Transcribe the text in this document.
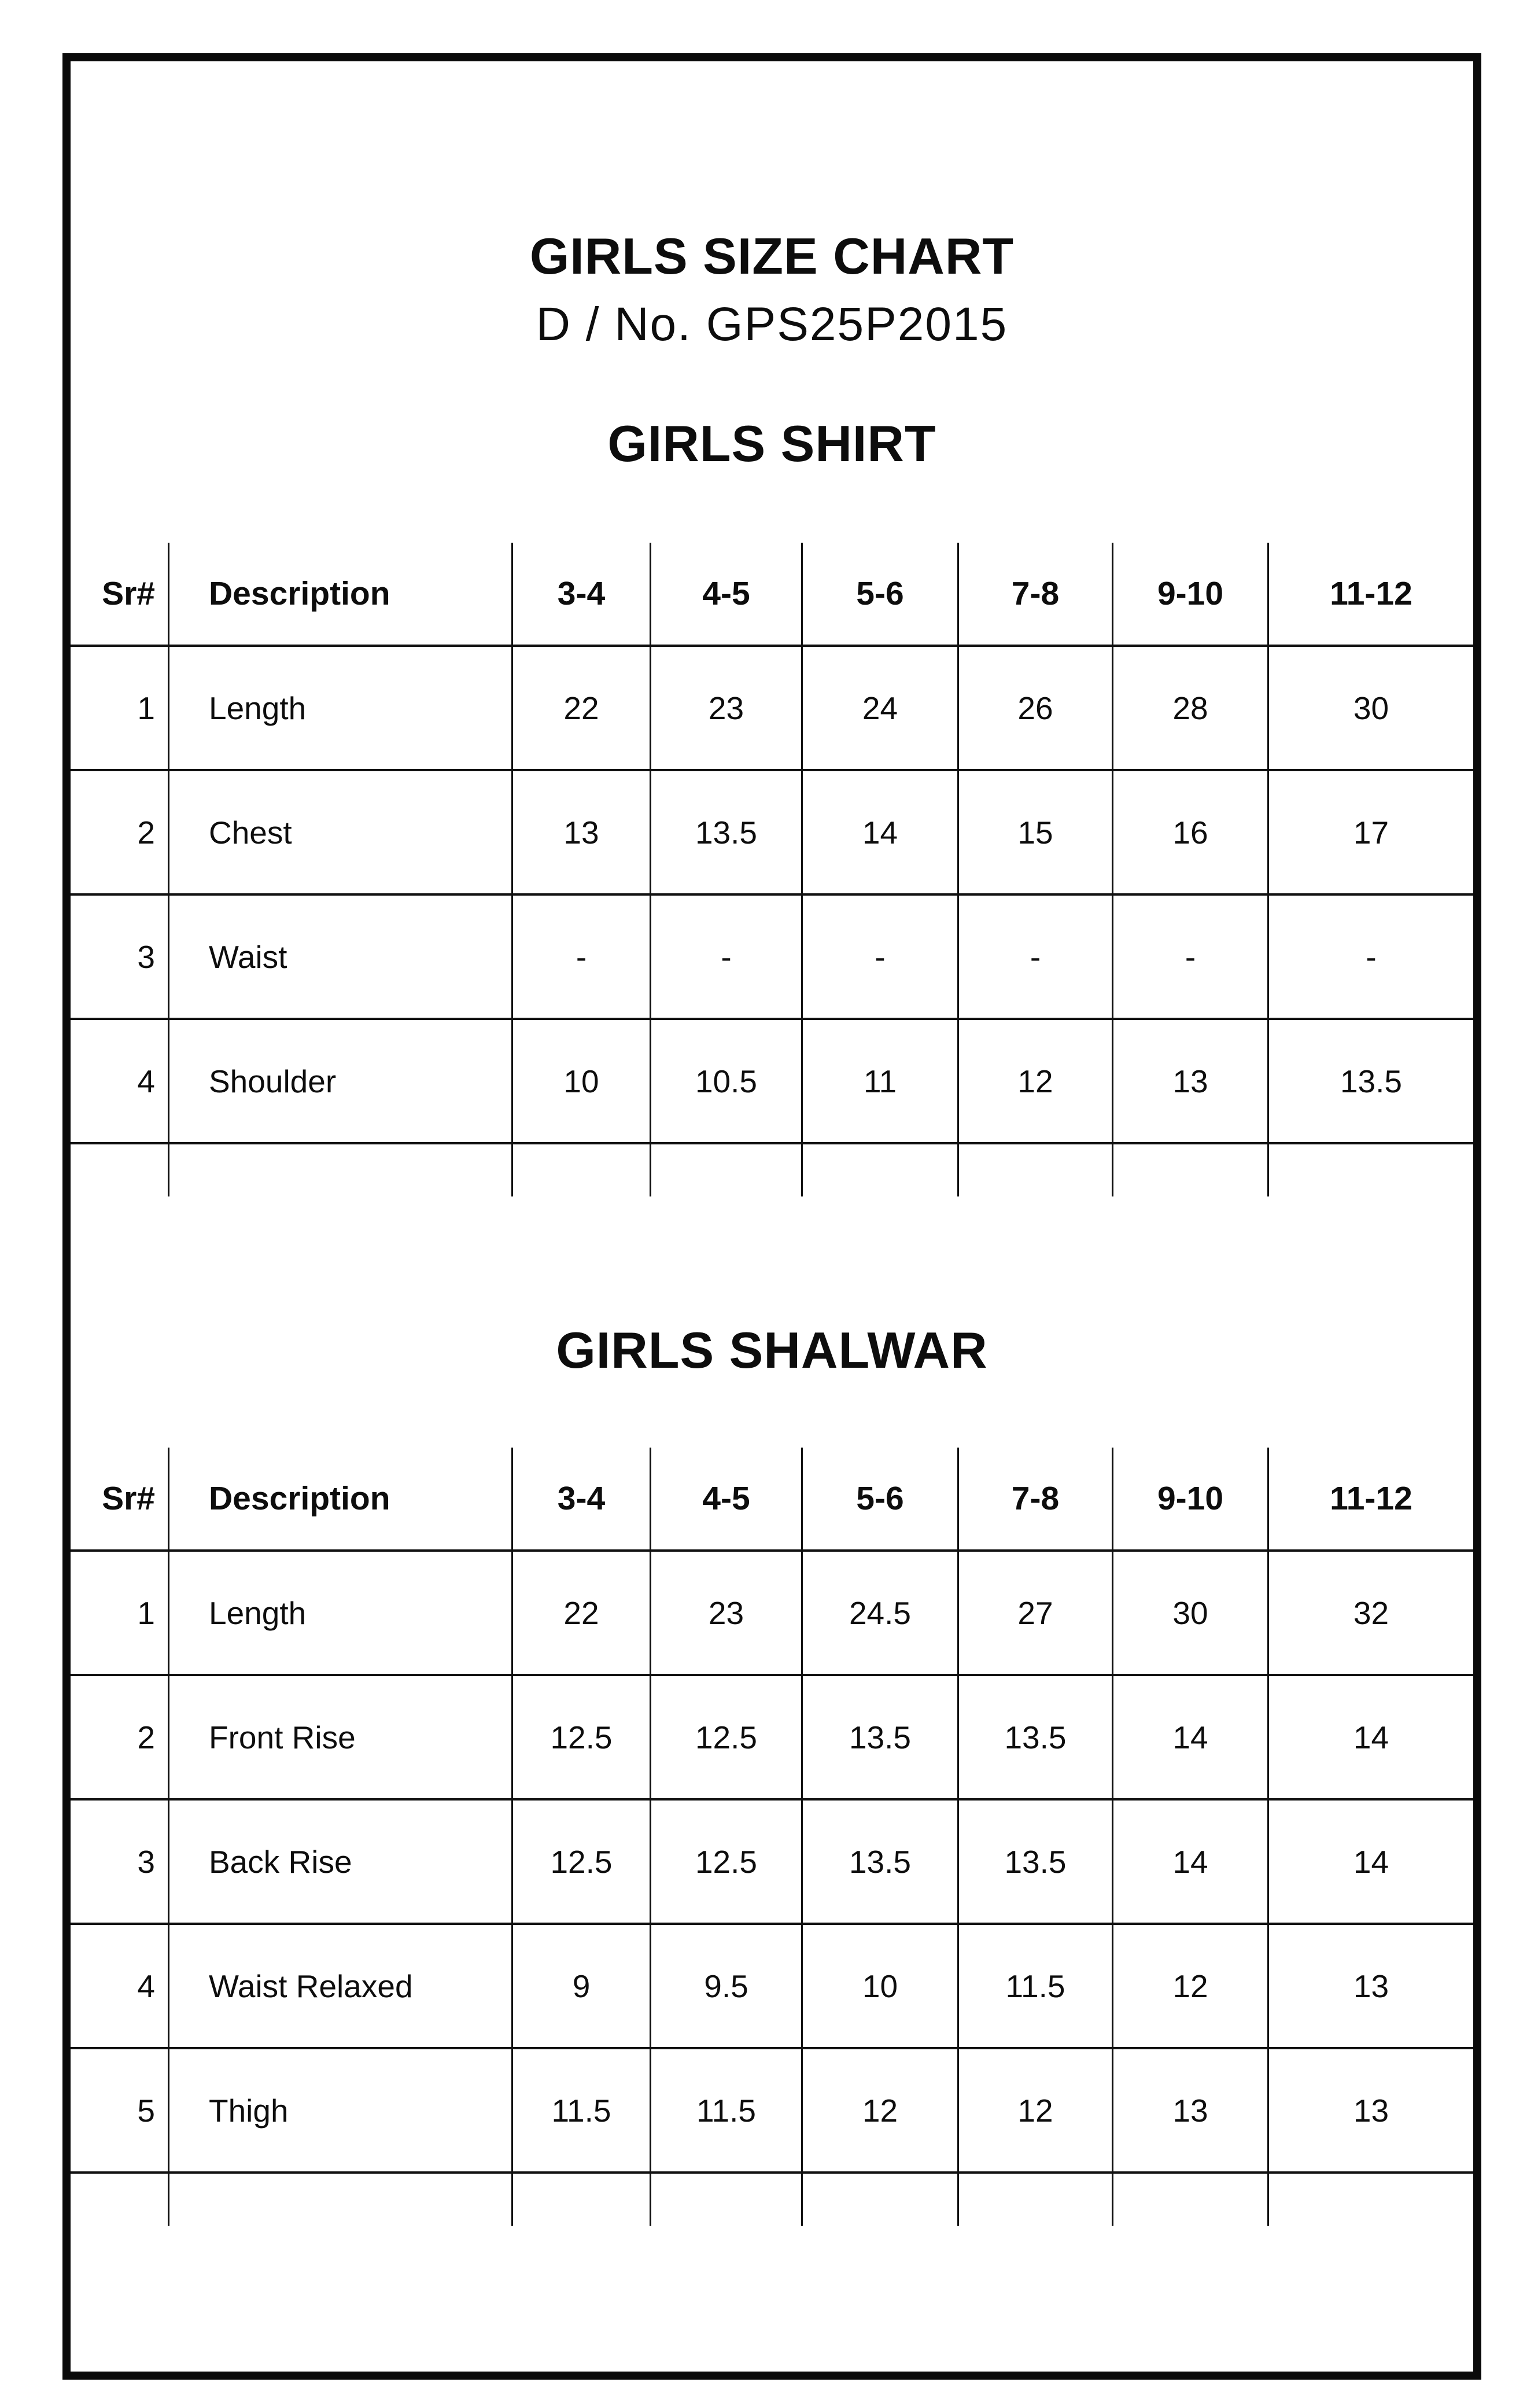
GIRLS SIZE CHART
D / No. GPS25P2015
GIRLS SHIRT
Sr#	Description	3-4	4-5	5-6	7-8	9-10	11-12
1	Length	22	23	24	26	28	30
2	Chest	13	13.5	14	15	16	17
3	Waist	-	-	-	-	-	-
4	Shoulder	10	10.5	11	12	13	13.5
GIRLS SHALWAR
Sr#	Description	3-4	4-5	5-6	7-8	9-10	11-12
1	Length	22	23	24.5	27	30	32
2	Front Rise	12.5	12.5	13.5	13.5	14	14
3	Back Rise	12.5	12.5	13.5	13.5	14	14
4	Waist Relaxed	9	9.5	10	11.5	12	13
5	Thigh	11.5	11.5	12	12	13	13
